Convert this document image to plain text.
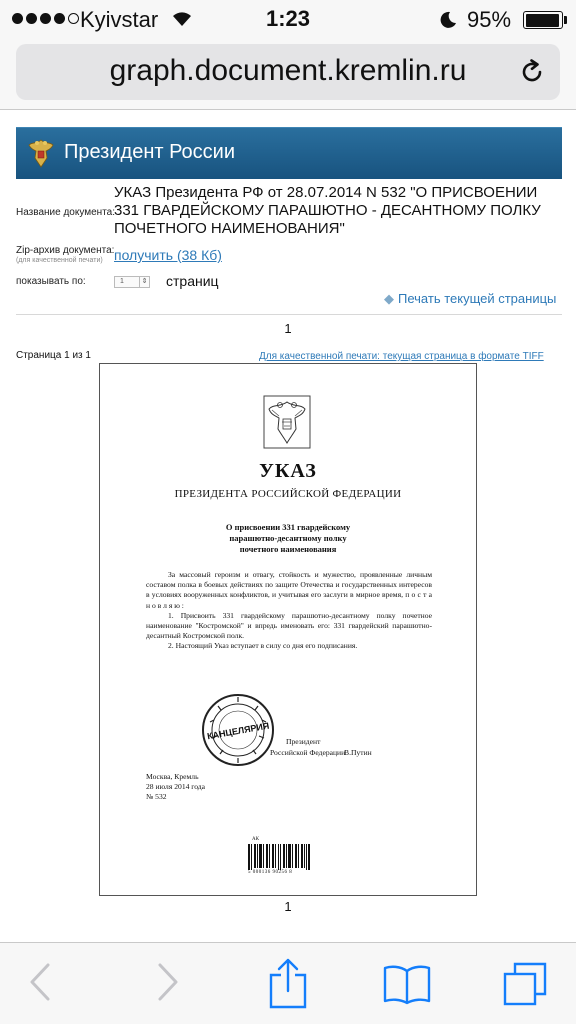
Kyivstar	1:23	95%
graph.document.kremlin.ru
Президент России
Название документа:
УКАЗ Президента РФ от 28.07.2014 N 532 "О ПРИСВОЕНИИ 331 ГВАРДЕЙСКОМУ ПАРАШЮТНО - ДЕСАНТНОМУ ПОЛКУ ПОЧЕТНОГО НАИМЕНОВАНИЯ"
Zip-архив документа:
(для качественной печати) получить (38 Кб)
показывать по:	1	⇕ страниц
◆ Печать текущей страницы
1
Страница 1 из 1	Для качественной печати: текущая страница в формате TIFF
УКАЗ
ПРЕЗИДЕНТА РОССИЙСКОЙ ФЕДЕРАЦИИ
О присвоении 331 гвардейскому
парашютно-десантному полку
почетного наименования

За массовый героизм и отвагу, стойкость и мужество, проявленные личным составом полка в боевых действиях по защите Отечества и государственных интересов в условиях вооруженных конфликтов, и учитывая его заслуги в мирное время, п о с т а н о в л я ю :

1. Присвоить 331 гвардейскому парашютно-десантному полку почетное наименование "Костромской" и впредь именовать его: 331 гвардейский парашютно-десантный Костромской полк.

2. Настоящий Указ вступает в силу со дня его подписания.

КАНЦЕЛЯРИЯ
Президент
Российской Федерации
В.Путин
Москва, Кремль
28 июля 2014 года
№ 532
АК
5 000136 90256 8
1
